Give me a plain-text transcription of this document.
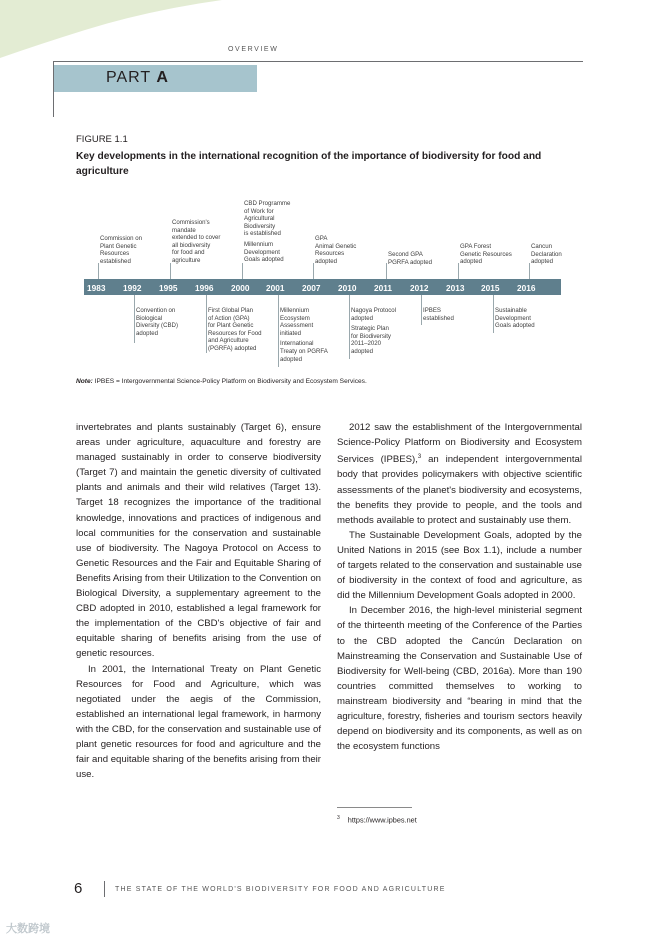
OVERVIEW
PART A
FIGURE 1.1
Key developments in the international recognition of the importance of biodiversity for food and agriculture
Commission on
Plant Genetic
Resources
established
Commission's
mandate
extended to cover
all biodiversity
for food and
agriculture
CBD Programme
of Work for
Agricultural
Biodiversity
is established
Millennium
Development
Goals adopted
GPA
Animal Genetic
Resources
adopted
Second GPA
PGRFA adopted
GPA Forest
Genetic Resources
adopted
Cancun
Declaration
adopted
1983 1992 1995 1996 2000 2001 2007 2010 2011 2012 2013 2015 2016
Convention on
Biological
Diversity (CBD)
adopted
First Global Plan
of Action (GPA)
for Plant Genetic
Resources for Food
and Agriculture
(PGRFA) adopted
Millennium
Ecosystem
Assessment
initiated
International
Treaty on PGRFA
adopted
Nagoya Protocol
adopted
Strategic Plan
for Biodiversity
2011–2020
adopted
IPBES
established
Sustainable
Development
Goals adopted
Note: IPBES = Intergovernmental Science-Policy Platform on Biodiversity and Ecosystem Services.

invertebrates and plants sustainably (Target 6), ensure areas under agriculture, aquaculture and forestry are managed sustainably in order to conserve biodiversity (Target 7) and maintain the genetic diversity of cultivated plants and animals and their wild relatives (Target 13). Target 18 recognizes the importance of the traditional knowledge, innovations and practices of indigenous and local communities for the conservation and sustainable use of biodiversity. The Nagoya Protocol on Access to Genetic Resources and the Fair and Equitable Sharing of Benefits Arising from their Utilization to the Convention on Biological Diversity, a supplementary agreement to the CBD adopted in 2010, established a legal framework for the implementation of the CBD's objective of fair and equitable sharing of benefits arising from the use of genetic resources.

In 2001, the International Treaty on Plant Genetic Resources for Food and Agriculture, which was negotiated under the aegis of the Commission, established an international legal framework, in harmony with the CBD, for the conservation and sustainable use of plant genetic resources for food and agriculture and the fair and equitable sharing of the benefits arising from their use.

2012 saw the establishment of the Intergovernmental Science-Policy Platform on Biodiversity and Ecosystem Services (IPBES),$^3$ an independent intergovernmental body that provides policymakers with objective scientific assessments of the planet's biodiversity and ecosystems, the benefits they provide to people, and the tools and methods available to protect and sustainably use them.

The Sustainable Development Goals, adopted by the United Nations in 2015 (see Box 1.1), include a number of targets related to the conservation and sustainable use of biodiversity in the context of food and agriculture, as did the Millennium Development Goals adopted in 2000.

In December 2016, the high-level ministerial segment of the thirteenth meeting of the Conference of the Parties to the CBD adopted the Cancún Declaration on Mainstreaming the Conservation and Sustainable Use of Biodiversity for Well-being (CBD, 2016a). More than 190 countries committed themselves to working to mainstream biodiversity and “bearing in mind that the agriculture, forestry, fisheries and tourism sectors heavily depend on biodiversity and its components, as well as on the ecosystem functions

$^3$ https://www.ipbes.net
6	THE STATE OF THE WORLD'S BIODIVERSITY FOR FOOD AND AGRICULTURE
大数跨境
